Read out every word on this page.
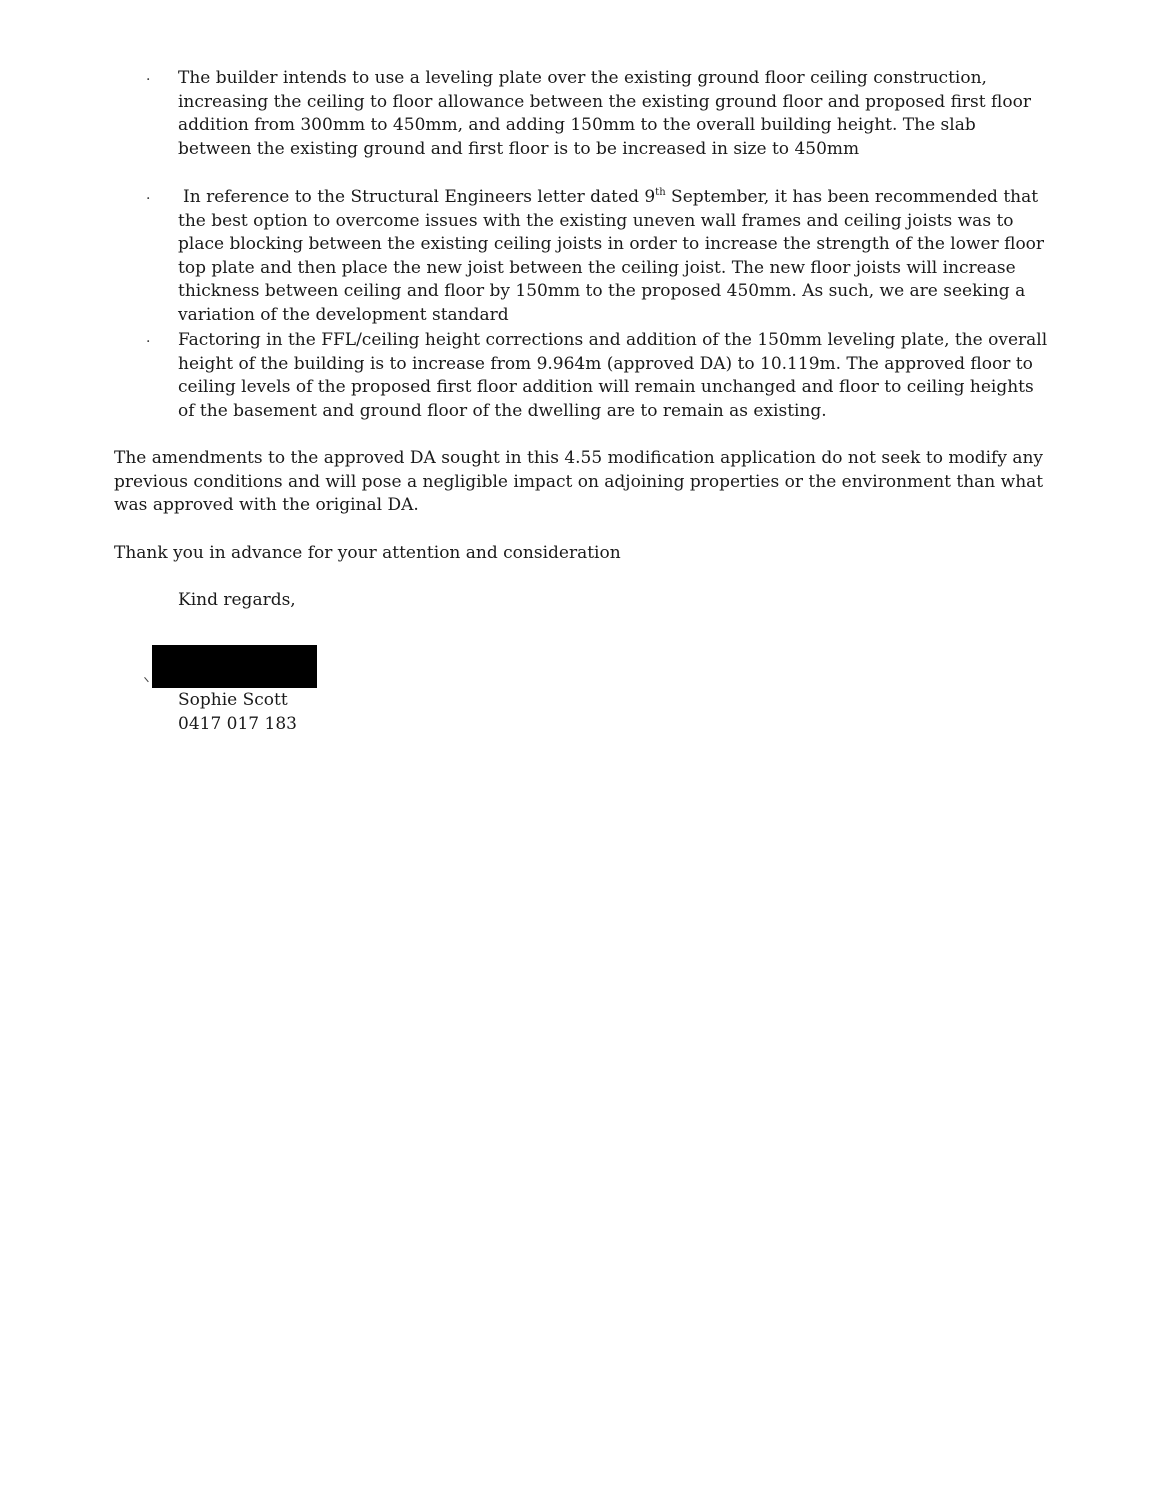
· The builder intends to use a leveling plate over the existing ground floor ceiling construction, increasing the ceiling to floor allowance between the existing ground floor and proposed first floor addition from 300mm to 450mm, and adding 150mm to the overall building height. The slab between the existing ground and first floor is to be increased in size to 450mm
· In reference to the Structural Engineers letter dated 9th September, it has been recommended that the best option to overcome issues with the existing uneven wall frames and ceiling joists was to place blocking between the existing ceiling joists in order to increase the strength of the lower floor top plate and then place the new joist between the ceiling joist. The new floor joists will increase thickness between ceiling and floor by 150mm to the proposed 450mm. As such, we are seeking a variation of the development standard
· Factoring in the FFL/ceiling height corrections and addition of the 150mm leveling plate, the overall height of the building is to increase from 9.964m (approved DA) to 10.119m. The approved floor to ceiling levels of the proposed first floor addition will remain unchanged and floor to ceiling heights of the basement and ground floor of the dwelling are to remain as existing.
The amendments to the approved DA sought in this 4.55 modification application do not seek to modify any previous conditions and will pose a negligible impact on adjoining properties or the environment than what was approved with the original DA.
Thank you in advance for your attention and consideration
Kind regards,
Sophie Scott
0417 017 183
